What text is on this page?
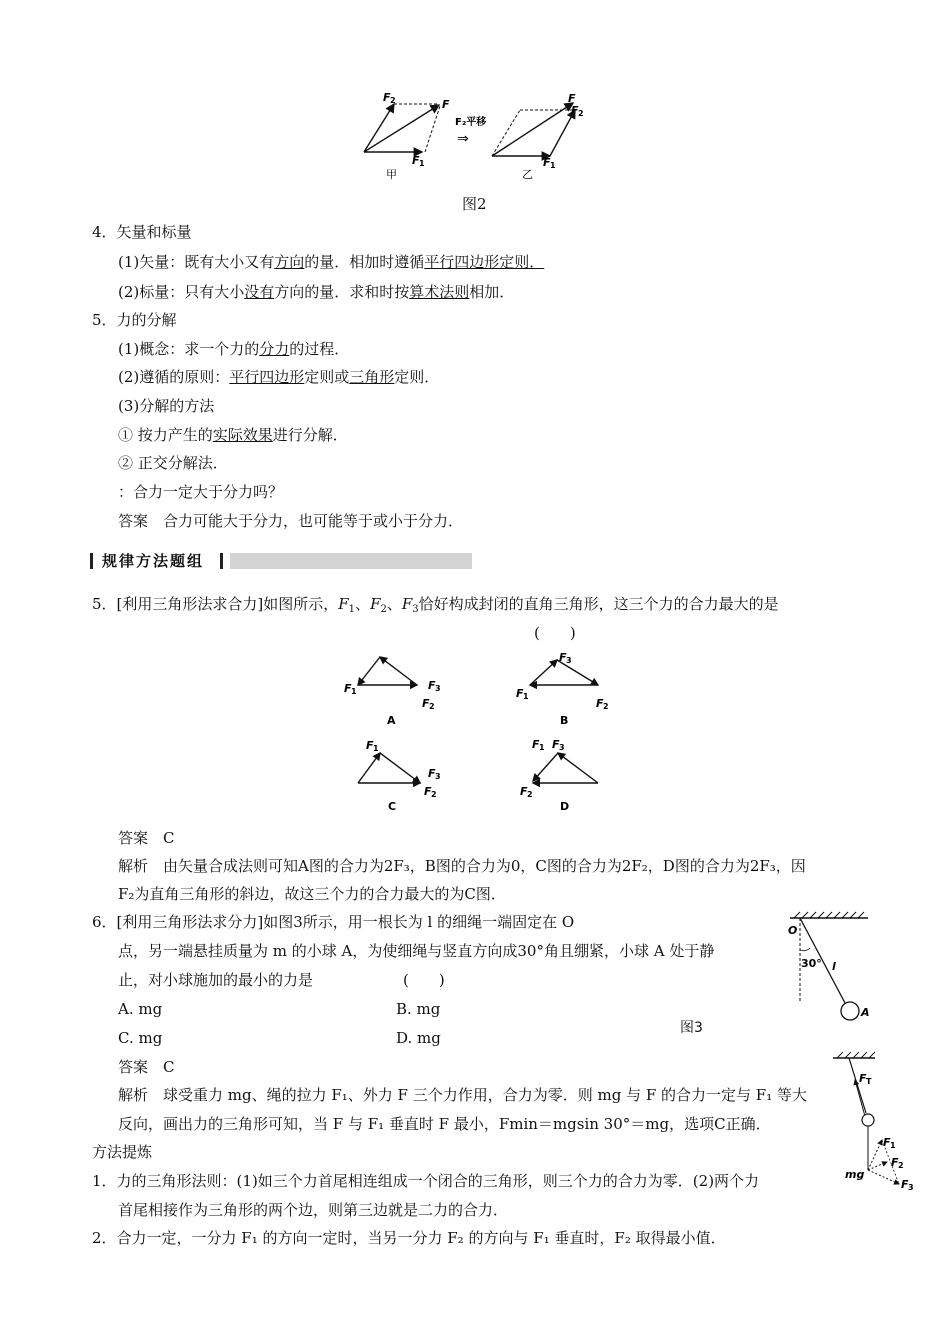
F 2	F
F 1
甲
F₂平移
⇒
F
F 2
F 1
乙
图2
4．矢量和标量
(1)矢量：既有大小又有方向的量．相加时遵循平行四边形定则．
(2)标量：只有大小没有方向的量．求和时按算术法则相加．
5．力的分解
(1)概念：求一个力的分力的过程．
(2)遵循的原则：平行四边形定则或三角形定则．
(3)分解的方法
① 按力产生的实际效果进行分解．
② 正交分解法．
：合力一定大于分力吗？
答案　合力可能大于分力，也可能等于或小于分力．
规律方法题组
5．[利用三角形法求合力]如图所示，$F_1$、$F_2$、$F_3$恰好构成封闭的直角三角形，这三个力的合力最大的是
(　　)
F 1	F 3
F 2
A
F 3
F 1
F 2
B
F 1
F 3
F 2
C
F 1 F 3
F 2
D
答案　C
解析　由矢量合成法则可知A图的合力为2F₃，B图的合力为0，C图的合力为2F₂，D图的合力为2F₃，因
F₂为直角三角形的斜边，故这三个力的合力最大的为C图．
6．[利用三角形法求分力]如图3所示，用一根长为 l 的细绳一端固定在 O
点，另一端悬挂质量为 m 的小球 A，为使细绳与竖直方向成30°角且绷紧，小球 A 处于静
止，对小球施加的最小的力是　　　　　　(　　)
A. mg	B. mg
C. mg	D. mg
O
30° l
A
图3
F T
F 1
F 2
F 3
mg
答案　C
解析　球受重力 mg、绳的拉力 F₁、外力 F 三个力作用，合力为零．则 mg 与 F 的合力一定与 F₁ 等大
反向，画出力的三角形可知，当 F 与 F₁ 垂直时 F 最小，Fmin＝mgsin 30°＝mg，选项C正确．
方法提炼
1．力的三角形法则：(1)如三个力首尾相连组成一个闭合的三角形，则三个力的合力为零．(2)两个力
首尾相接作为三角形的两个边，则第三边就是二力的合力．
2．合力一定，一分力 F₁ 的方向一定时，当另一分力 F₂ 的方向与 F₁ 垂直时，F₂ 取得最小值．
